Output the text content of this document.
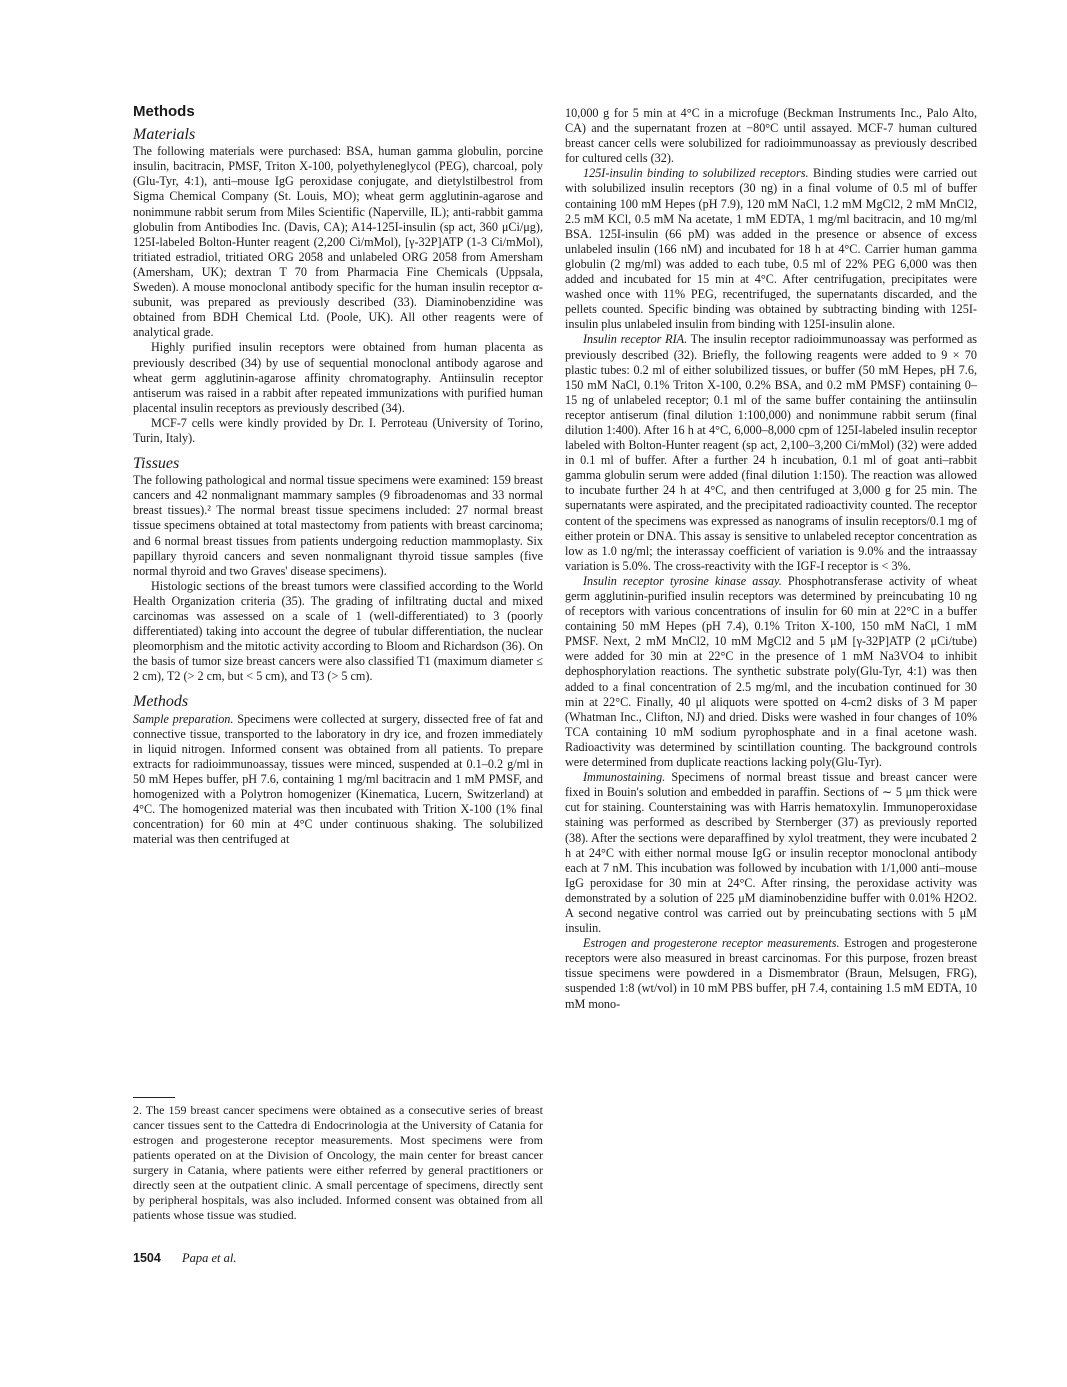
Methods
Materials

The following materials were purchased: BSA, human gamma globulin, porcine insulin, bacitracin, PMSF, Triton X-100, polyethyleneglycol (PEG), charcoal, poly (Glu-Tyr, 4:1), anti–mouse IgG peroxidase conjugate, and dietylstilbestrol from Sigma Chemical Company (St. Louis, MO); wheat germ agglutinin-agarose and nonimmune rabbit serum from Miles Scientific (Naperville, IL); anti-rabbit gamma globulin from Antibodies Inc. (Davis, CA); A14-125I-insulin (sp act, 360 μCi/μg), 125I-labeled Bolton-Hunter reagent (2,200 Ci/mMol), [γ-32P]ATP (1-3 Ci/mMol), tritiated estradiol, tritiated ORG 2058 and unlabeled ORG 2058 from Amersham (Amersham, UK); dextran T 70 from Pharmacia Fine Chemicals (Uppsala, Sweden). A mouse monoclonal antibody specific for the human insulin receptor α-subunit, was prepared as previously described (33). Diaminobenzidine was obtained from BDH Chemical Ltd. (Poole, UK). All other reagents were of analytical grade.

Highly purified insulin receptors were obtained from human placenta as previously described (34) by use of sequential monoclonal antibody agarose and wheat germ agglutinin-agarose affinity chromatography. Antiinsulin receptor antiserum was raised in a rabbit after repeated immunizations with purified human placental insulin receptors as previously described (34).

MCF-7 cells were kindly provided by Dr. I. Perroteau (University of Torino, Turin, Italy).

Tissues

The following pathological and normal tissue specimens were examined: 159 breast cancers and 42 nonmalignant mammary samples (9 fibroadenomas and 33 normal breast tissues).² The normal breast tissue specimens included: 27 normal breast tissue specimens obtained at total mastectomy from patients with breast carcinoma; and 6 normal breast tissues from patients undergoing reduction mammoplasty. Six papillary thyroid cancers and seven nonmalignant thyroid tissue samples (five normal thyroid and two Graves' disease specimens).

Histologic sections of the breast tumors were classified according to the World Health Organization criteria (35). The grading of infiltrating ductal and mixed carcinomas was assessed on a scale of 1 (well-differentiated) to 3 (poorly differentiated) taking into account the degree of tubular differentiation, the nuclear pleomorphism and the mitotic activity according to Bloom and Richardson (36). On the basis of tumor size breast cancers were also classified T1 (maximum diameter ≤ 2 cm), T2 (> 2 cm, but < 5 cm), and T3 (> 5 cm).

Methods

Sample preparation. Specimens were collected at surgery, dissected free of fat and connective tissue, transported to the laboratory in dry ice, and frozen immediately in liquid nitrogen. Informed consent was obtained from all patients. To prepare extracts for radioimmunoassay, tissues were minced, suspended at 0.1–0.2 g/ml in 50 mM Hepes buffer, pH 7.6, containing 1 mg/ml bacitracin and 1 mM PMSF, and homogenized with a Polytron homogenizer (Kinematica, Lucern, Switzerland) at 4°C. The homogenized material was then incubated with Trition X-100 (1% final concentration) for 60 min at 4°C under continuous shaking. The solubilized material was then centrifuged at

10,000 g for 5 min at 4°C in a microfuge (Beckman Instruments Inc., Palo Alto, CA) and the supernatant frozen at −80°C until assayed. MCF-7 human cultured breast cancer cells were solubilized for radioimmunoassay as previously described for cultured cells (32).

125I-insulin binding to solubilized receptors. Binding studies were carried out with solubilized insulin receptors (30 ng) in a final volume of 0.5 ml of buffer containing 100 mM Hepes (pH 7.9), 120 mM NaCl, 1.2 mM MgCl2, 2 mM MnCl2, 2.5 mM KCl, 0.5 mM Na acetate, 1 mM EDTA, 1 mg/ml bacitracin, and 10 mg/ml BSA. 125I-insulin (66 pM) was added in the presence or absence of excess unlabeled insulin (166 nM) and incubated for 18 h at 4°C. Carrier human gamma globulin (2 mg/ml) was added to each tube, 0.5 ml of 22% PEG 6,000 was then added and incubated for 15 min at 4°C. After centrifugation, precipitates were washed once with 11% PEG, recentrifuged, the supernatants discarded, and the pellets counted. Specific binding was obtained by subtracting binding with 125I-insulin plus unlabeled insulin from binding with 125I-insulin alone.

Insulin receptor RIA. The insulin receptor radioimmunoassay was performed as previously described (32). Briefly, the following reagents were added to 9 × 70 plastic tubes: 0.2 ml of either solubilized tissues, or buffer (50 mM Hepes, pH 7.6, 150 mM NaCl, 0.1% Triton X-100, 0.2% BSA, and 0.2 mM PMSF) containing 0–15 ng of unlabeled receptor; 0.1 ml of the same buffer containing the antiinsulin receptor antiserum (final dilution 1:100,000) and nonimmune rabbit serum (final dilution 1:400). After 16 h at 4°C, 6,000–8,000 cpm of 125I-labeled insulin receptor labeled with Bolton-Hunter reagent (sp act, 2,100–3,200 Ci/mMol) (32) were added in 0.1 ml of buffer. After a further 24 h incubation, 0.1 ml of goat anti–rabbit gamma globulin serum were added (final dilution 1:150). The reaction was allowed to incubate further 24 h at 4°C, and then centrifuged at 3,000 g for 25 min. The supernatants were aspirated, and the precipitated radioactivity counted. The receptor content of the specimens was expressed as nanograms of insulin receptors/0.1 mg of either protein or DNA. This assay is sensitive to unlabeled receptor concentration as low as 1.0 ng/ml; the interassay coefficient of variation is 9.0% and the intraassay variation is 5.0%. The cross-reactivity with the IGF-I receptor is < 3%.

Insulin receptor tyrosine kinase assay. Phosphotransferase activity of wheat germ agglutinin-purified insulin receptors was determined by preincubating 10 ng of receptors with various concentrations of insulin for 60 min at 22°C in a buffer containing 50 mM Hepes (pH 7.4), 0.1% Triton X-100, 150 mM NaCl, 1 mM PMSF. Next, 2 mM MnCl2, 10 mM MgCl2 and 5 μM [γ-32P]ATP (2 μCi/tube) were added for 30 min at 22°C in the presence of 1 mM Na3VO4 to inhibit dephosphorylation reactions. The synthetic substrate poly(Glu-Tyr, 4:1) was then added to a final concentration of 2.5 mg/ml, and the incubation continued for 30 min at 22°C. Finally, 40 μl aliquots were spotted on 4-cm2 disks of 3 M paper (Whatman Inc., Clifton, NJ) and dried. Disks were washed in four changes of 10% TCA containing 10 mM sodium pyrophosphate and in a final acetone wash. Radioactivity was determined by scintillation counting. The background controls were determined from duplicate reactions lacking poly(Glu-Tyr).

Immunostaining. Specimens of normal breast tissue and breast cancer were fixed in Bouin's solution and embedded in paraffin. Sections of ∼ 5 μm thick were cut for staining. Counterstaining was with Harris hematoxylin. Immunoperoxidase staining was performed as described by Sternberger (37) as previously reported (38). After the sections were deparaffined by xylol treatment, they were incubated 2 h at 24°C with either normal mouse IgG or insulin receptor monoclonal antibody each at 7 nM. This incubation was followed by incubation with 1/1,000 anti–mouse IgG peroxidase for 30 min at 24°C. After rinsing, the peroxidase activity was demonstrated by a solution of 225 μM diaminobenzidine buffer with 0.01% H2O2. A second negative control was carried out by preincubating sections with 5 μM insulin.

Estrogen and progesterone receptor measurements. Estrogen and progesterone receptors were also measured in breast carcinomas. For this purpose, frozen breast tissue specimens were powdered in a Dismembrator (Braun, Melsugen, FRG), suspended 1:8 (wt/vol) in 10 mM PBS buffer, pH 7.4, containing 1.5 mM EDTA, 10 mM mono-

2. The 159 breast cancer specimens were obtained as a consecutive series of breast cancer tissues sent to the Cattedra di Endocrinologia at the University of Catania for estrogen and progesterone receptor measurements. Most specimens were from patients operated on at the Division of Oncology, the main center for breast cancer surgery in Catania, where patients were either referred by general practitioners or directly seen at the outpatient clinic. A small percentage of specimens, directly sent by peripheral hospitals, was also included. Informed consent was obtained from all patients whose tissue was studied.
1504 Papa et al.
